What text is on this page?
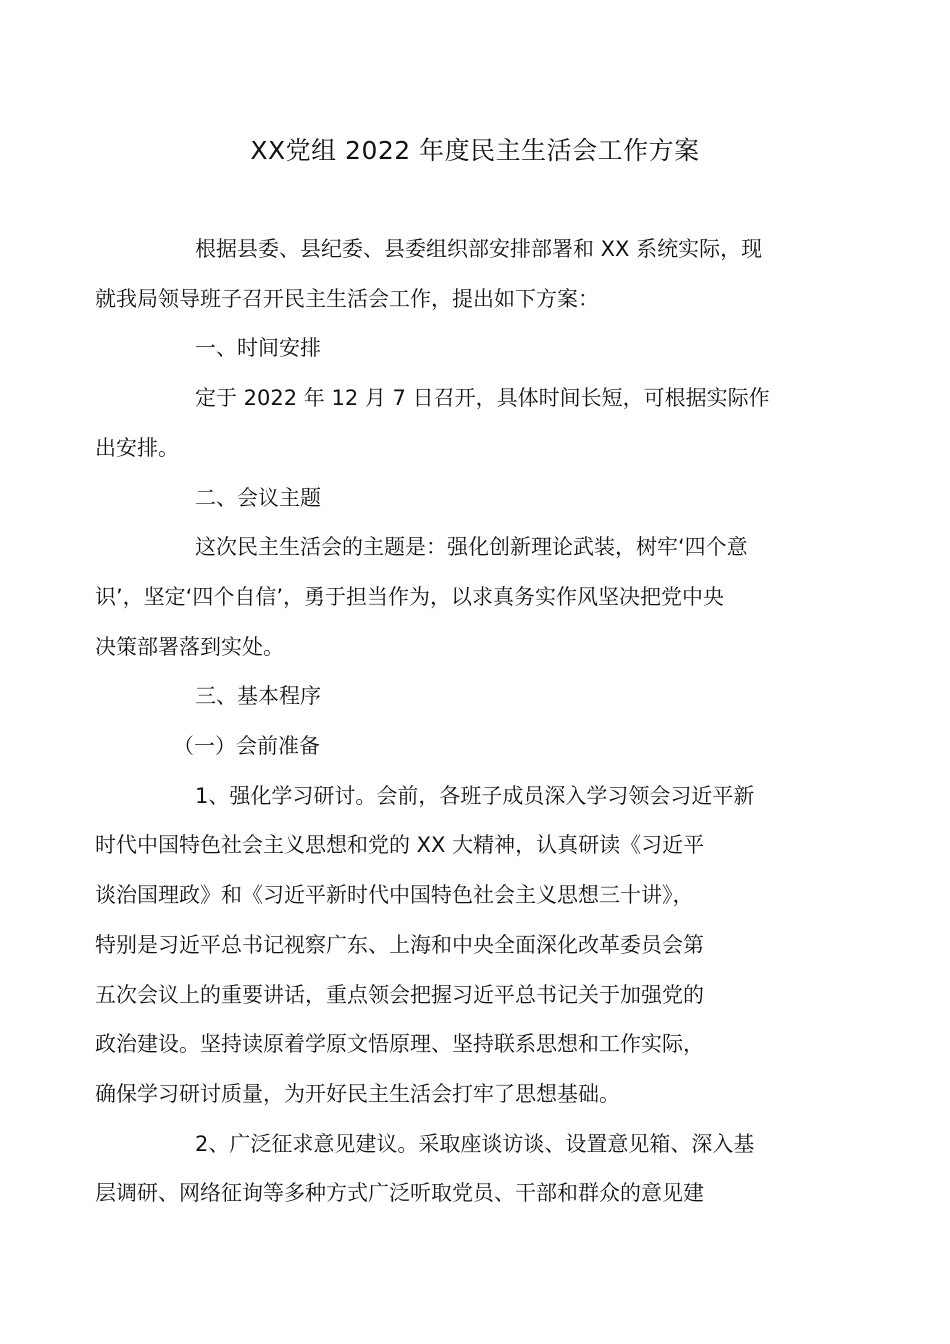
XX党组 2022 年度民主生活会工作方案

根据县委、县纪委、县委组织部安排部署和 XX 系统实际，现
就我局领导班子召开民主生活会工作，提出如下方案：

一、时间安排

定于 2022 年 12 月 7 日召开，具体时间长短，可根据实际作
出安排。

二、会议主题

这次民主生活会的主题是：强化创新理论武装，树牢‘四个意
识’，坚定‘四个自信’，勇于担当作为，以求真务实作风坚决把党中央
决策部署落到实处。

三、基本程序

（一）会前准备

1、强化学习研讨。会前，各班子成员深入学习领会习近平新
时代中国特色社会主义思想和党的 XX 大精神，认真研读《习近平
谈治国理政》和《习近平新时代中国特色社会主义思想三十讲》，
特别是习近平总书记视察广东、上海和中央全面深化改革委员会第
五次会议上的重要讲话，重点领会把握习近平总书记关于加强党的
政治建设。坚持读原着学原文悟原理、坚持联系思想和工作实际，
确保学习研讨质量，为开好民主生活会打牢了思想基础。

2、广泛征求意见建议。采取座谈访谈、设置意见箱、深入基
层调研、网络征询等多种方式广泛听取党员、干部和群众的意见建
